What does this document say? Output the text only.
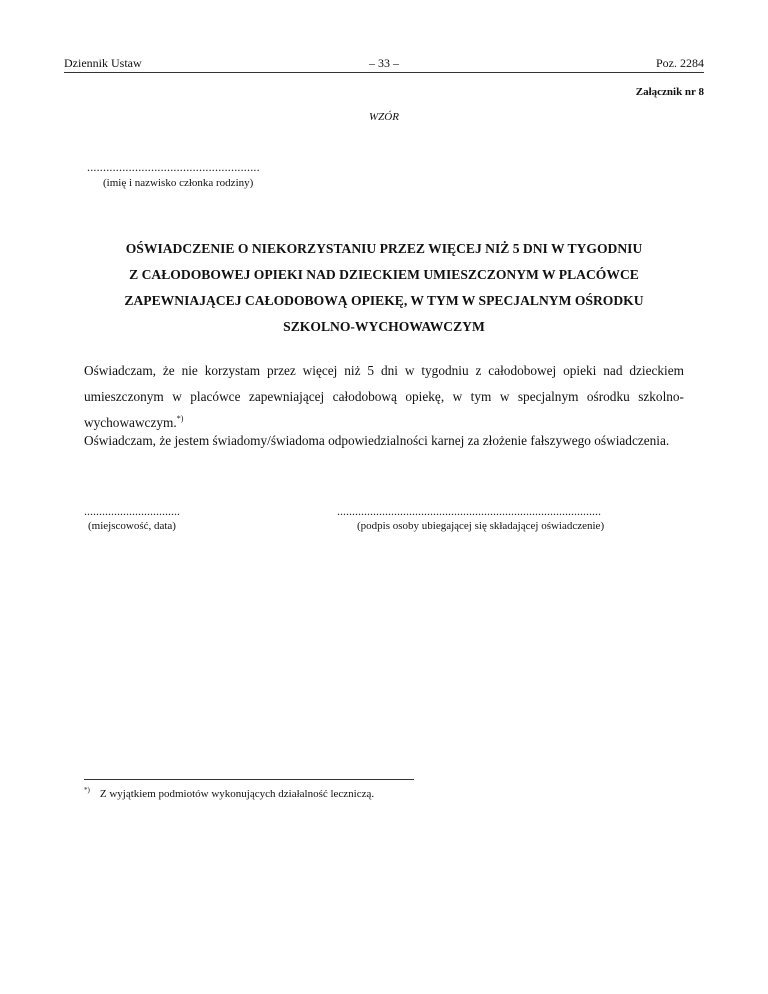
Dziennik Ustaw	– 33 –	Poz. 2284
Załącznik nr 8
WZÓR
......................................................
(imię i nazwisko członka rodziny)
OŚWIADCZENIE O NIEKORZYSTANIU PRZEZ WIĘCEJ NIŻ 5 DNI W TYGODNIU
Z CAŁODOBOWEJ OPIEKI NAD DZIECKIEM UMIESZCZONYM W PLACÓWCE
ZAPEWNIAJĄCEJ CAŁODOBOWĄ OPIEKĘ, W TYM W SPECJALNYM OŚRODKU
SZKOLNO-WYCHOWAWCZYM
Oświadczam, że nie korzystam przez więcej niż 5 dni w tygodniu z całodobowej opieki nad dzieckiem umieszczonym w placówce zapewniającej całodobową opiekę, w tym w specjalnym ośrodku szkolno-wychowawczym.*)
Oświadczam, że jestem świadomy/świadoma odpowiedzialności karnej za złożenie fałszywego oświadczenia.
................................	........................................................................................
(miejscowość, data)	(podpis osoby ubiegającej się składającej oświadczenie)
*) Z wyjątkiem podmiotów wykonujących działalność leczniczą.
